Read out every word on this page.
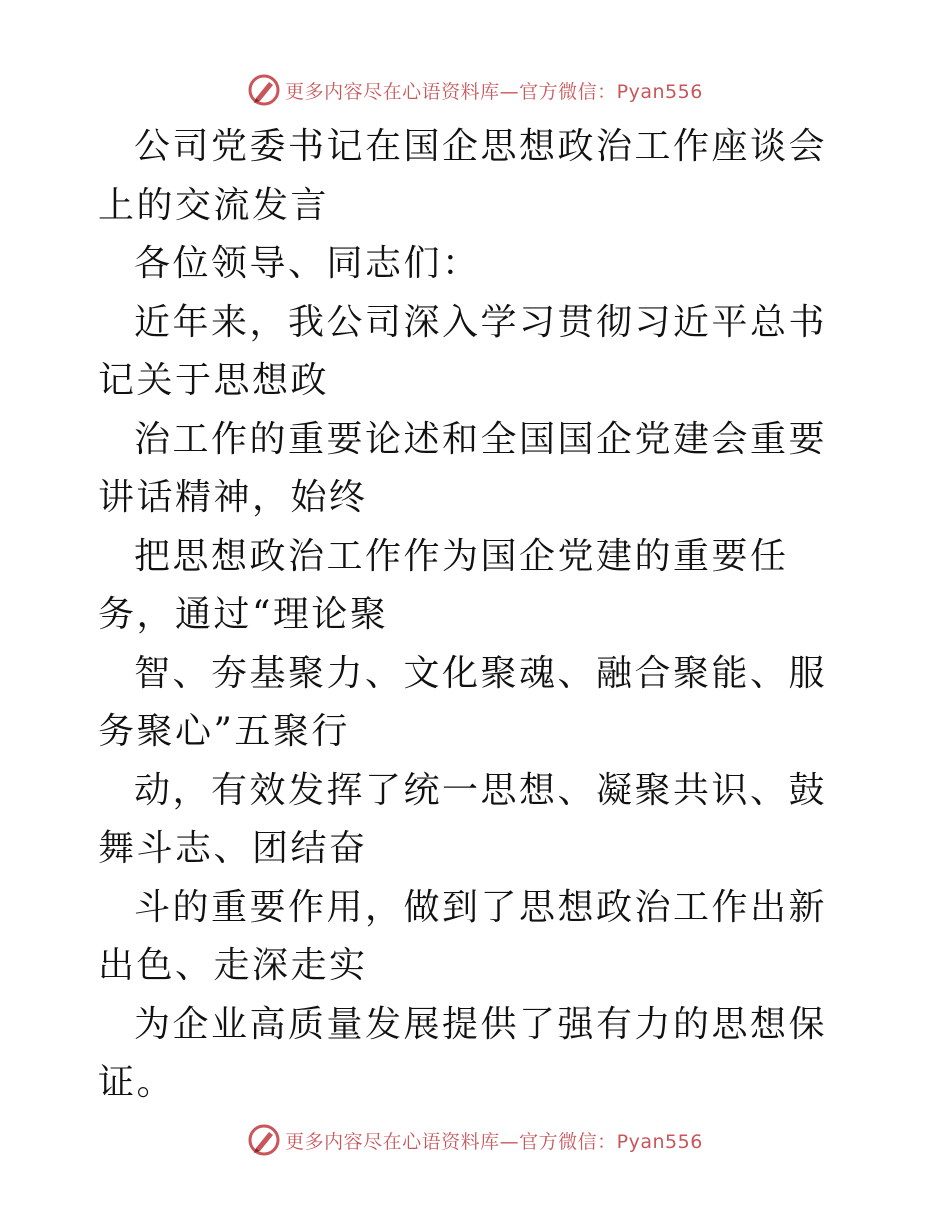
更多内容尽在心语资料库—官方微信：Pyan556

公司党委书记在国企思想政治工作座谈会上的交流发言

各位领导、同志们：

近年来，我公司深入学习贯彻习近平总书记关于思想政

治工作的重要论述和全国国企党建会重要讲话精神，始终

把思想政治工作作为国企党建的重要任务，通过“理论聚

智、夯基聚力、文化聚魂、融合聚能、服务聚心”五聚行

动，有效发挥了统一思想、凝聚共识、鼓舞斗志、团结奋

斗的重要作用，做到了思想政治工作出新出色、走深走实

为企业高质量发展提供了强有力的思想保证。

更多内容尽在心语资料库—官方微信：Pyan556
